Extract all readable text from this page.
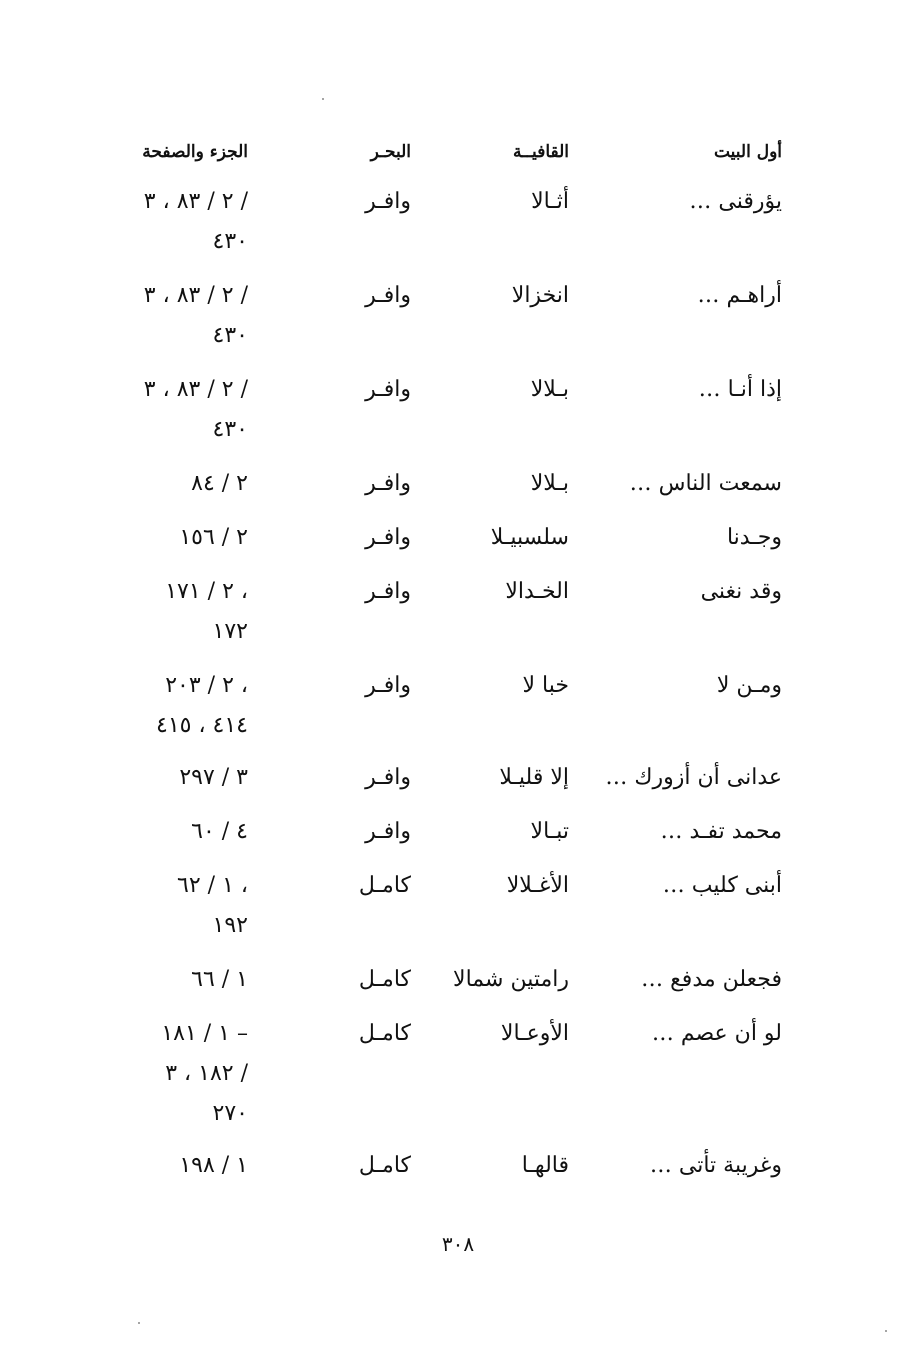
أول البيت
القافيــة
البحـر
الجزء والصفحة
يؤرقنى …
أثـالا
وافـر
٢ / ٨٣ ، ٣ /
٤٣٠
أراهـم …
انخزالا
وافـر
٢ / ٨٣ ، ٣ /
٤٣٠
إذا أنـا …
بـلالا
وافـر
٢ / ٨٣ ، ٣ /
٤٣٠
سمعت الناس …
بـلالا
وافـر
٢ / ٨٤
وجـدنا
سلسبيـلا
وافـر
٢ / ١٥٦
وقد نغنى
الخـدالا
وافـر
٢ / ١٧١ ،
١٧٢
ومـن لا
خبا لا
وافـر
٢ / ٢٠٣ ،
٤١٤ ، ٤١٥
عدانى أن أزورك …
إلا قليـلا
وافـر
٣ / ٢٩٧
محمد تفـد …
تبـالا
وافـر
٤ / ٦٠
أبنى كليب …
الأغـلالا
كامـل
١ / ٦٢ ،
١٩٢
فجعلن مدفع …
رامتين شمالا
كامـل
١ / ٦٦
لو أن عصم …
الأوعـالا
كامـل
١ / ١٨١ –
١٨٢ ، ٣ /
٢٧٠
وغريبة تأتى …
قالهـا
كامـل
١ / ١٩٨
٣٠٨
